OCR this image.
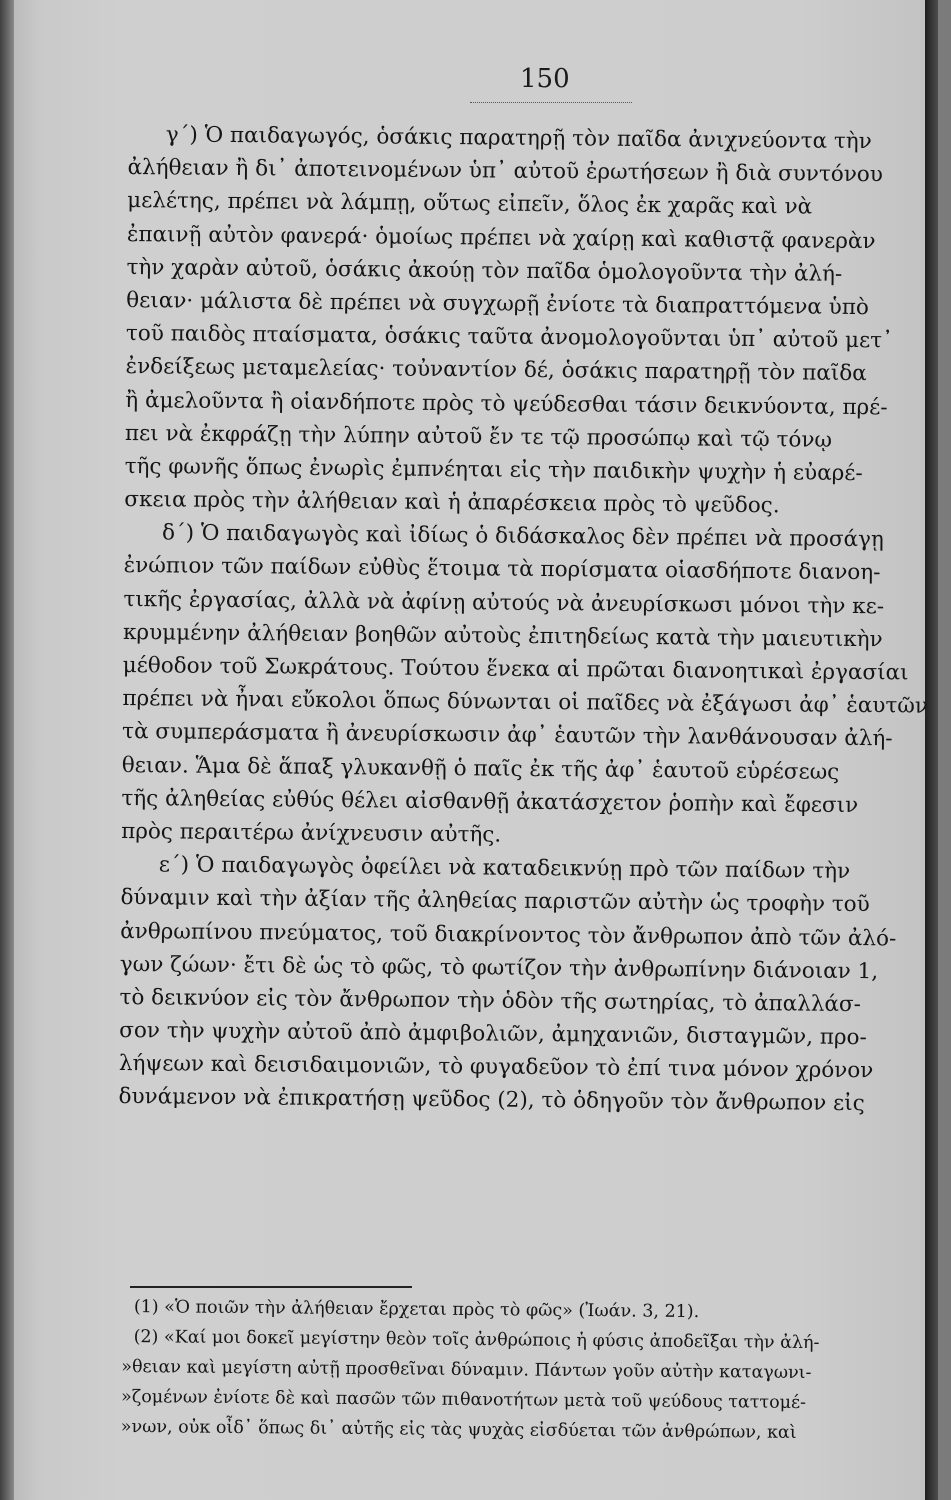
150
γ΄) Ὁ παιδαγωγός, ὁσάκις παρατηρῇ τὸν παῖδα ἀνιχνεύοντα τὴν
ἀλήθειαν ἢ δι᾽ ἀποτεινομένων ὑπ᾽ αὐτοῦ ἐρωτήσεων ἢ διὰ συντόνου
μελέτης, πρέπει νὰ λάμπῃ, οὕτως εἰπεῖν, ὅλος ἐκ χαρᾶς καὶ νὰ
ἐπαινῇ αὐτὸν φανερά· ὁμοίως πρέπει νὰ χαίρῃ καὶ καθιστᾷ φανερὰν
τὴν χαρὰν αὐτοῦ, ὁσάκις ἀκούῃ τὸν παῖδα ὁμολογοῦντα τὴν ἀλή-
θειαν· μάλιστα δὲ πρέπει νὰ συγχωρῇ ἐνίοτε τὰ διαπραττόμενα ὑπὸ
τοῦ παιδὸς πταίσματα, ὁσάκις ταῦτα ἀνομολογοῦνται ὑπ᾽ αὐτοῦ μετ᾽
ἐνδείξεως μεταμελείας· τοὐναντίον δέ, ὁσάκις παρατηρῇ τὸν παῖδα
ἢ ἀμελοῦντα ἢ οἱανδήποτε πρὸς τὸ ψεύδεσθαι τάσιν δεικνύοντα, πρέ-
πει νὰ ἐκφράζῃ τὴν λύπην αὐτοῦ ἔν τε τῷ προσώπῳ καὶ τῷ τόνῳ
τῆς φωνῆς ὅπως ἐνωρὶς ἐμπνέηται εἰς τὴν παιδικὴν ψυχὴν ἡ εὐαρέ-
σκεια πρὸς τὴν ἀλήθειαν καὶ ἡ ἀπαρέσκεια πρὸς τὸ ψεῦδος.
δ΄) Ὁ παιδαγωγὸς καὶ ἰδίως ὁ διδάσκαλος δὲν πρέπει νὰ προσάγῃ
ἐνώπιον τῶν παίδων εὐθὺς ἕτοιμα τὰ πορίσματα οἱασδήποτε διανοη-
τικῆς ἐργασίας, ἀλλὰ νὰ ἀφίνῃ αὐτούς νὰ ἀνευρίσκωσι μόνοι τὴν κε-
κρυμμένην ἀλήθειαν βοηθῶν αὐτοὺς ἐπιτηδείως κατὰ τὴν μαιευτικὴν
μέθοδον τοῦ Σωκράτους. Τούτου ἕνεκα αἱ πρῶται διανοητικαὶ ἐργασίαι
πρέπει νὰ ἦναι εὔκολοι ὅπως δύνωνται οἱ παῖδες νὰ ἐξάγωσι ἀφ᾽ ἑαυτῶν
τὰ συμπεράσματα ἢ ἀνευρίσκωσιν ἀφ᾽ ἑαυτῶν τὴν λανθάνουσαν ἀλή-
θειαν. Ἅμα δὲ ἅπαξ γλυκανθῇ ὁ παῖς ἐκ τῆς ἀφ᾽ ἑαυτοῦ εὑρέσεως
τῆς ἀληθείας εὐθύς θέλει αἰσθανθῇ ἀκατάσχετον ῥοπὴν καὶ ἔφεσιν
πρὸς περαιτέρω ἀνίχνευσιν αὐτῆς.
ε΄) Ὁ παιδαγωγὸς ὀφείλει νὰ καταδεικνύῃ πρὸ τῶν παίδων τὴν
δύναμιν καὶ τὴν ἀξίαν τῆς ἀληθείας παριστῶν αὐτὴν ὡς τροφὴν τοῦ
ἀνθρωπίνου πνεύματος, τοῦ διακρίνοντος τὸν ἄνθρωπον ἀπὸ τῶν ἀλό-
γων ζώων· ἔτι δὲ ὡς τὸ φῶς, τὸ φωτίζον τὴν ἀνθρωπίνην διάνοιαν 1,
τὸ δεικνύον εἰς τὸν ἄνθρωπον τὴν ὁδὸν τῆς σωτηρίας, τὸ ἀπαλλάσ-
σον τὴν ψυχὴν αὐτοῦ ἀπὸ ἀμφιβολιῶν, ἀμηχανιῶν, δισταγμῶν, προ-
λήψεων καὶ δεισιδαιμονιῶν, τὸ φυγαδεῦον τὸ ἐπί τινα μόνον χρόνον
δυνάμενον νὰ ἐπικρατήσῃ ψεῦδος (2), τὸ ὁδηγοῦν τὸν ἄνθρωπον εἰς
(1) «Ὁ ποιῶν τὴν ἀλήθειαν ἔρχεται πρὸς τὸ φῶς» (Ἰωάν. 3, 21).
(2) «Καί μοι δοκεῖ μεγίστην θεὸν τοῖς ἀνθρώποις ἡ φύσις ἀποδεῖξαι τὴν ἀλή-
»θειαν καὶ μεγίστη αὐτῇ προσθεῖναι δύναμιν. Πάντων γοῦν αὐτὴν καταγωνι-
»ζομένων ἐνίοτε δὲ καὶ πασῶν τῶν πιθανοτήτων μετὰ τοῦ ψεύδους ταττομέ-
»νων, οὐκ οἶδ᾽ ὅπως δι᾽ αὐτῆς εἰς τὰς ψυχὰς εἰσδύεται τῶν ἀνθρώπων, καὶ
